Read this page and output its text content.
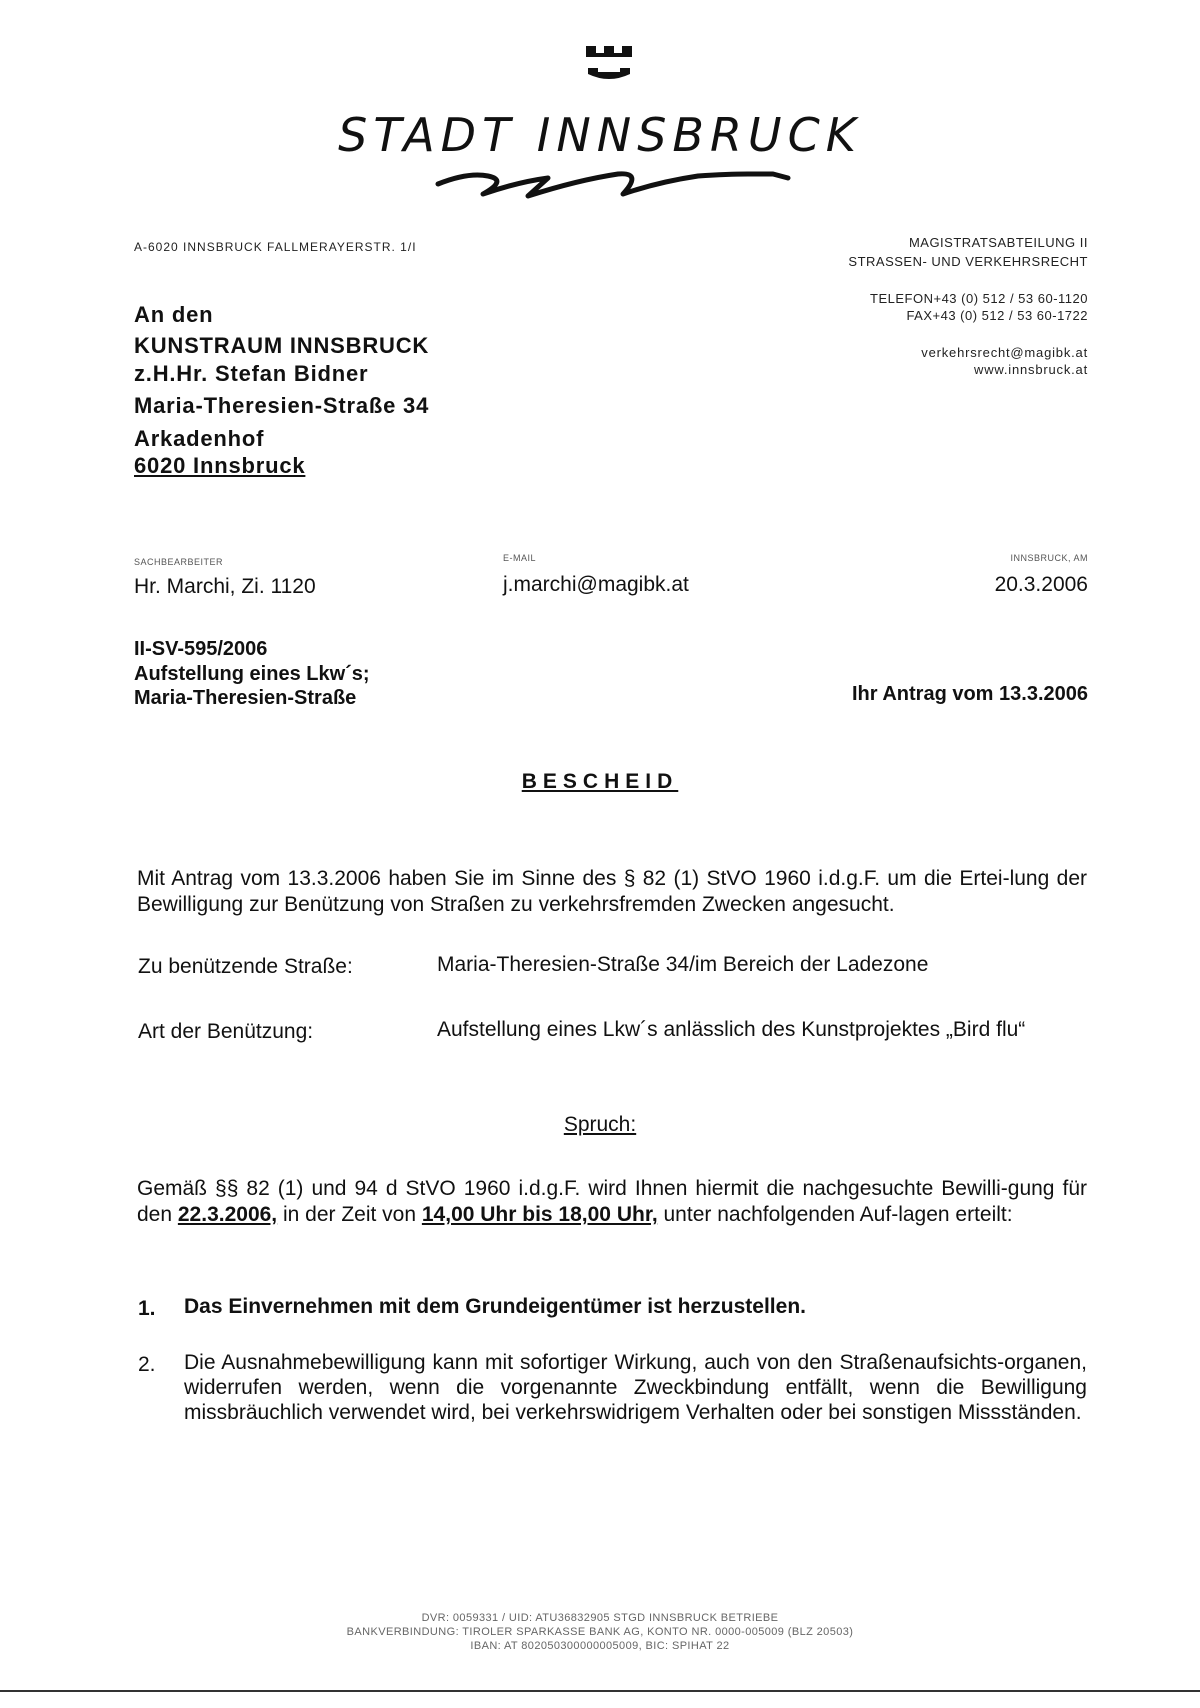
STADT INNSBRUCK
A-6020 INNSBRUCK FALLMERAYERSTR. 1/I	MAGISTRATSABTEILUNG II
STRASSEN- UND VERKEHRSRECHT
TELEFON+43 (0) 512 / 53 60-1120
FAX+43 (0) 512 / 53 60-1722
verkehrsrecht@magibk.at
www.innsbruck.at
An den
KUNSTRAUM INNSBRUCK
z.H.Hr. Stefan Bidner
Maria-Theresien-Straße 34
Arkadenhof
6020 Innsbruck
SACHBEARBEITER
Hr. Marchi, Zi. 1120
E-MAIL
j.marchi@magibk.at
INNSBRUCK, AM
20.3.2006
II-SV-595/2006
Aufstellung eines Lkw´s;
Maria-Theresien-Straße	Ihr Antrag vom 13.3.2006
BESCHEID
Mit Antrag vom 13.3.2006 haben Sie im Sinne des § 82 (1) StVO 1960 i.d.g.F. um die Ertei-lung der Bewilligung zur Benützung von Straßen zu verkehrsfremden Zwecken angesucht.
Zu benützende Straße:	Maria-Theresien-Straße 34/im Bereich der Ladezone
Art der Benützung:	Aufstellung eines Lkw´s anlässlich des Kunstprojektes „Bird flu“
Spruch:
Gemäß §§ 82 (1) und 94 d StVO 1960 i.d.g.F. wird Ihnen hiermit die nachgesuchte Bewilli-gung für den 22.3.2006, in der Zeit von 14,00 Uhr bis 18,00 Uhr, unter nachfolgenden Auf-lagen erteilt:
1. Das Einvernehmen mit dem Grundeigentümer ist herzustellen.
2. Die Ausnahmebewilligung kann mit sofortiger Wirkung, auch von den Straßenaufsichts-organen, widerrufen werden, wenn die vorgenannte Zweckbindung entfällt, wenn die Bewilligung missbräuchlich verwendet wird, bei verkehrswidrigem Verhalten oder bei sonstigen Missständen.
DVR: 0059331 / UID: ATU36832905 STGD INNSBRUCK BETRIEBE
BANKVERBINDUNG: TIROLER SPARKASSE BANK AG, KONTO NR. 0000-005009 (BLZ 20503)
IBAN: AT 802050300000005009, BIC: SPIHAT 22
